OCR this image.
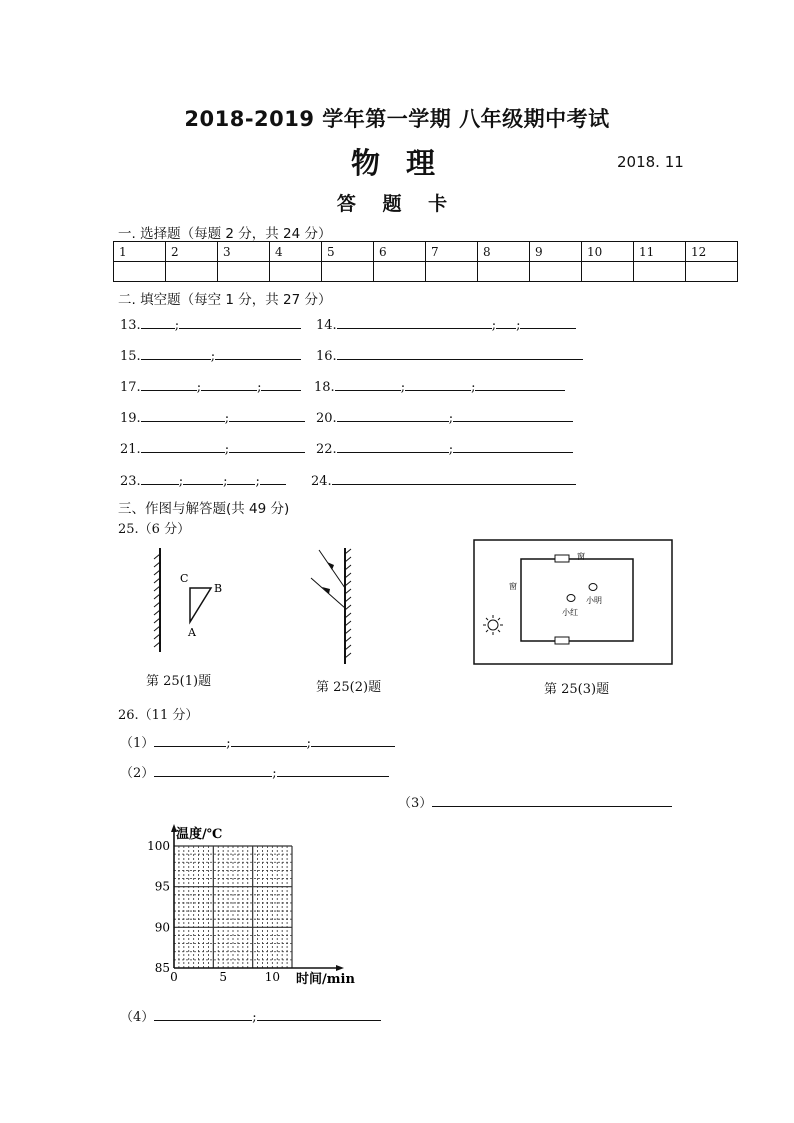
2018-2019 学年第一学期 八年级期中考试
物 理	2018. 11
答 题 卡
一. 选择题（每题 2 分，共 24 分）
1	2	3	4	5	6	7	8	9	10	11	12

二. 填空题（每空 1 分，共 27 分）
13.	;	14.	; ;
15.	;	16.
17.	;	;	18.	;	;
19.	;	20.	;
21.	;	22.	;
23.	;	; ;	24.
三、作图与解答题(共 49 分)
25.（6 分）
C
B
A
第 25(1)题	第 25(2)题
窗
窗
小明
小红
第 25(3)题
26.（11 分）
（1）	;	;
（2）	;
（3）
85
90
95
100
0	5	10
温度/℃
时间/min
（4）	;
